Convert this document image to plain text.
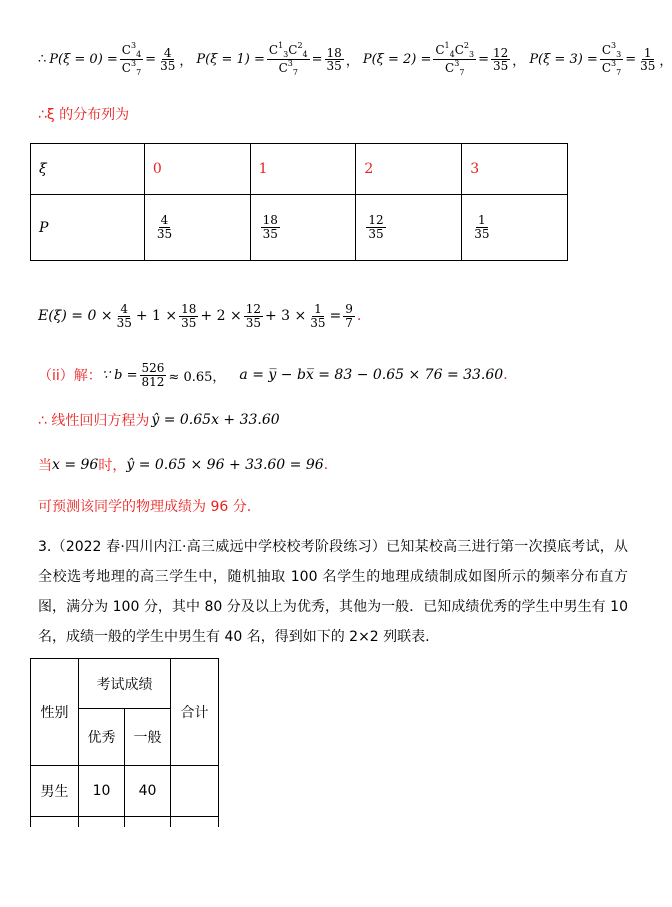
∴ $P(\xi = 0) = \frac{C^3_4}{C^3_7} = \frac{4}{35}$ ， $P(\xi = 1) = \frac{C^1_3C^2_4}{C^3_7} = \frac{18}{35}$ ， $P(\xi = 2) = \frac{C^1_4C^2_3}{C^3_7} = \frac{12}{35}$ ， $P(\xi = 3) = \frac{C^3_3}{C^3_7} = \frac{1}{35}$ ，
∴ξ 的分布列为
ξ	0	1	2	3
P	$\frac{4}{35}$	$\frac{18}{35}$	$\frac{12}{35}$	$\frac{1}{35}$
$E(\xi) = 0 \times \frac{4}{35} + 1 \times \frac{18}{35} + 2 \times \frac{12}{35} + 3 \times \frac{1}{35} = \frac{9}{7}$ .
（ii）解： ∵ $b = \frac{526}{812} \approx 0.65$， a = y̅ − bx̅ = 83 − 0.65 × 76 = 33.60 .
∴ 线性回归方程为 ŷ = 0.65x + 33.60
当 x = 96 时， ŷ = 0.65 × 96 + 33.60 = 96 .
可预测该同学的物理成绩为 96 分.
3.（2022 春·四川内江·高三威远中学校校考阶段练习）已知某校高三进行第一次摸底考试，从全校选考地理的高三学生中，随机抽取 100 名学生的地理成绩制成如图所示的频率分布直方图，满分为 100 分，其中 80 分及以上为优秀，其他为一般．已知成绩优秀的学生中男生有 10 名，成绩一般的学生中男生有 40 名，得到如下的 2×2 列联表.
性别	考试成绩		合计
	优秀	一般	
男生	10	40	
